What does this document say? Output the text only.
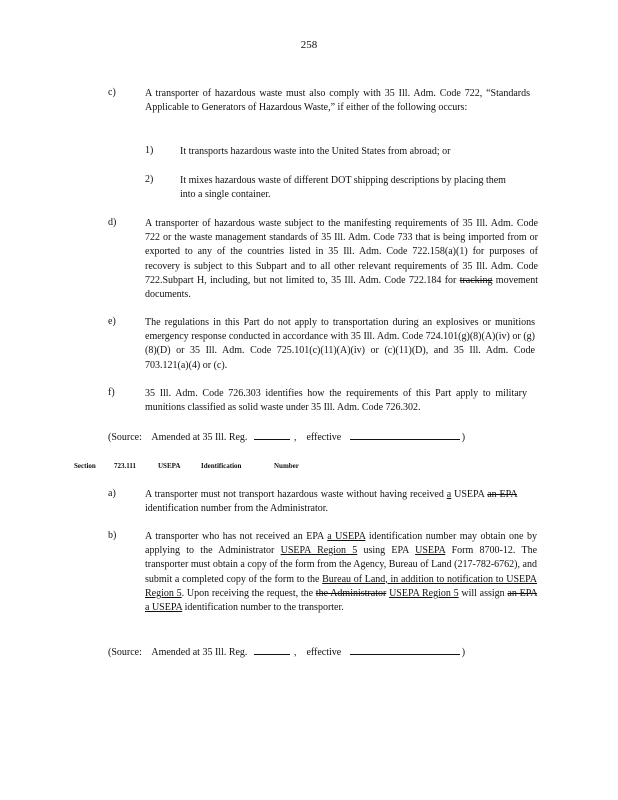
258
c)	A transporter of hazardous waste must also comply with 35 Ill. Adm. Code 722, “Standards Applicable to Generators of Hazardous Waste,” if either of the following occurs:
1)	It transports hazardous waste into the United States from abroad; or
2)	It mixes hazardous waste of different DOT shipping descriptions by placing them into a single container.
d)	A transporter of hazardous waste subject to the manifesting requirements of 35 Ill. Adm. Code 722 or the waste management standards of 35 Ill. Adm. Code 733 that is being imported from or exported to any of the countries listed in 35 Ill. Adm. Code 722.158(a)(1) for purposes of recovery is subject to this Subpart and to all other relevant requirements of 35 Ill. Adm. Code 722.Subpart H, including, but not limited to, 35 Ill. Adm. Code 722.184 for tracking movement documents.
e)	The regulations in this Part do not apply to transportation during an explosives or munitions emergency response conducted in accordance with 35 Ill. Adm. Code 724.101(g)(8)(A)(iv) or (g)(8)(D) or 35 Ill. Adm. Code 725.101(c)(11)(A)(iv) or (c)(11)(D), and 35 Ill. Adm. Code 703.121(a)(4) or (c).
f)	35 Ill. Adm. Code 726.303 identifies how the requirements of this Part apply to military munitions classified as solid waste under 35 Ill. Adm. Code 726.302.
(Source: Amended at 35 Ill. Reg.	, effective	)
Section	723.111	USEPA	Identification	Number
a)	A transporter must not transport hazardous waste without having received a USEPA an EPA identification number from the Administrator.
b)	A transporter who has not received an EPA a USEPA identification number may obtain one by applying to the Administrator USEPA Region 5 using EPA USEPA Form 8700-12. The transporter must obtain a copy of the form from the Agency, Bureau of Land (217-782-6762), and submit a completed copy of the form to the Bureau of Land, in addition to notification to USEPA Region 5. Upon receiving the request, the the Administrator USEPA Region 5 will assign an EPA a USEPA identification number to the transporter.
(Source: Amended at 35 Ill. Reg.	, effective	)
